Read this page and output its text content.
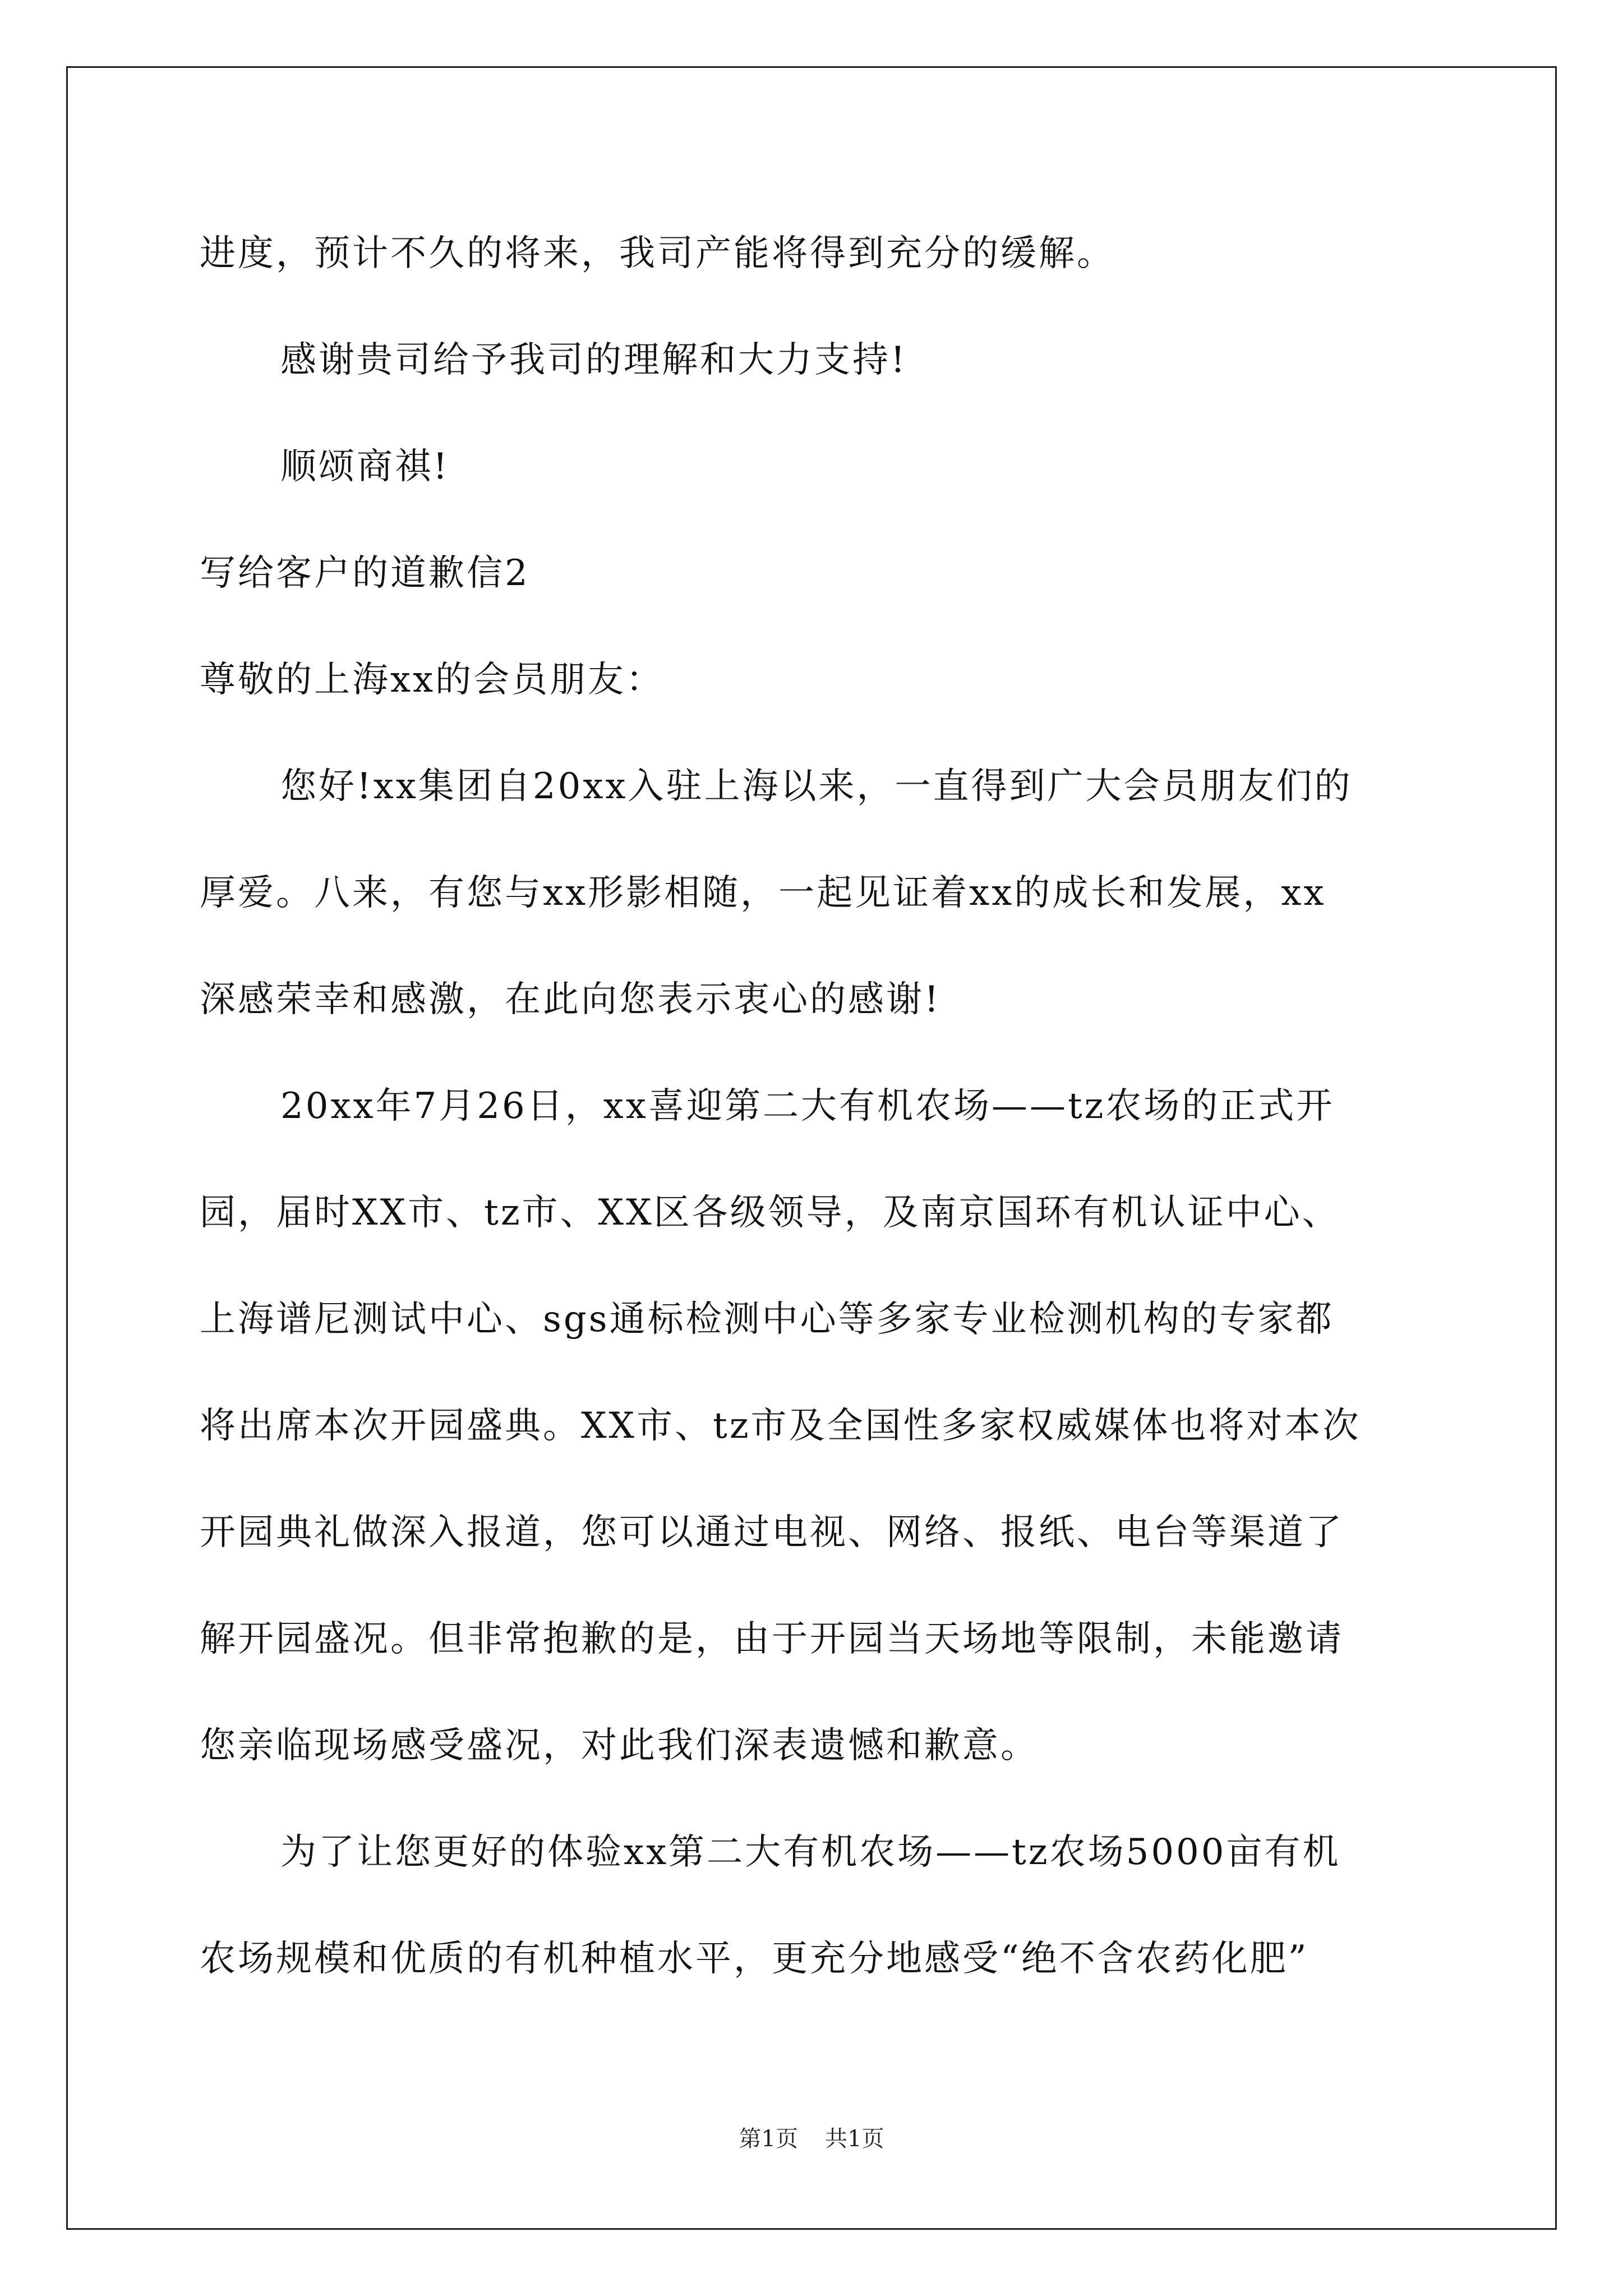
进度，预计不久的将来，我司产能将得到充分的缓解。
感谢贵司给予我司的理解和大力支持!
顺颂商祺!
写给客户的道歉信2
尊敬的上海xx的会员朋友：
您好!xx集团自20xx入驻上海以来，一直得到广大会员朋友们的
厚爱。八来，有您与xx形影相随，一起见证着xx的成长和发展，xx
深感荣幸和感激，在此向您表示衷心的感谢!
20xx年7月26日，xx喜迎第二大有机农场——tz农场的正式开
园，届时XX市、tz市、XX区各级领导，及南京国环有机认证中心、
上海谱尼测试中心、sgs通标检测中心等多家专业检测机构的专家都
将出席本次开园盛典。XX市、tz市及全国性多家权威媒体也将对本次
开园典礼做深入报道，您可以通过电视、网络、报纸、电台等渠道了
解开园盛况。但非常抱歉的是，由于开园当天场地等限制，未能邀请
您亲临现场感受盛况，对此我们深表遗憾和歉意。
为了让您更好的体验xx第二大有机农场——tz农场5000亩有机
农场规模和优质的有机种植水平，更充分地感受“绝不含农药化肥”
第1页 共1页
